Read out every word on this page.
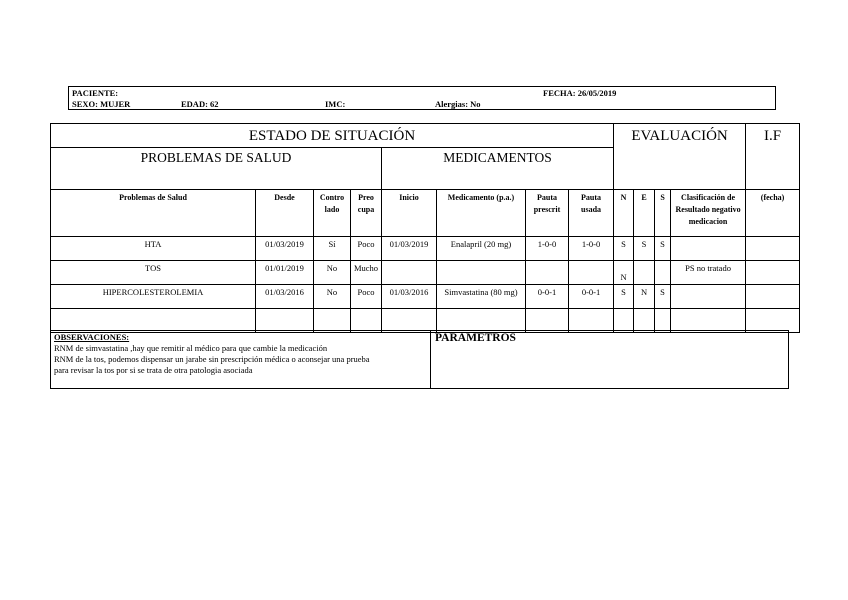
PACIENTE:	FECHA: 26/05/2019
SEXO: MUJER	EDAD: 62	IMC:	Alergias: No
ESTADO DE SITUACIÓN								EVALUACIÓN				I.F
PROBLEMAS DE SALUD				MEDICAMENTOS								
Problemas de Salud	Desde	Contro lado	Preo cupa	Inicio	Medicamento (p.a.)	Pauta prescrit	Pauta usada	N	E	S	Clasificación de Resultado negativo medicacion	(fecha)
HTA	01/03/2019	Sí	Poco	01/03/2019	Enalapril (20 mg)	1-0-0	1-0-0	S	S	S		
TOS	01/01/2019	No	Mucho					N			PS no tratado	
HIPERCOLESTEROLEMIA	01/03/2016	No	Poco	01/03/2016	Simvastatina (80 mg)	0-0-1	0-0-1	S	N	S		

OBSERVACIONES:
RNM de simvastatina ,hay que remitir al médico para que cambie la medicación
RNM de la tos, podemos dispensar un jarabe sin prescripción médica o aconsejar una prueba
para revisar la tos por si se trata de otra patologia asociada
PARAMETROS
